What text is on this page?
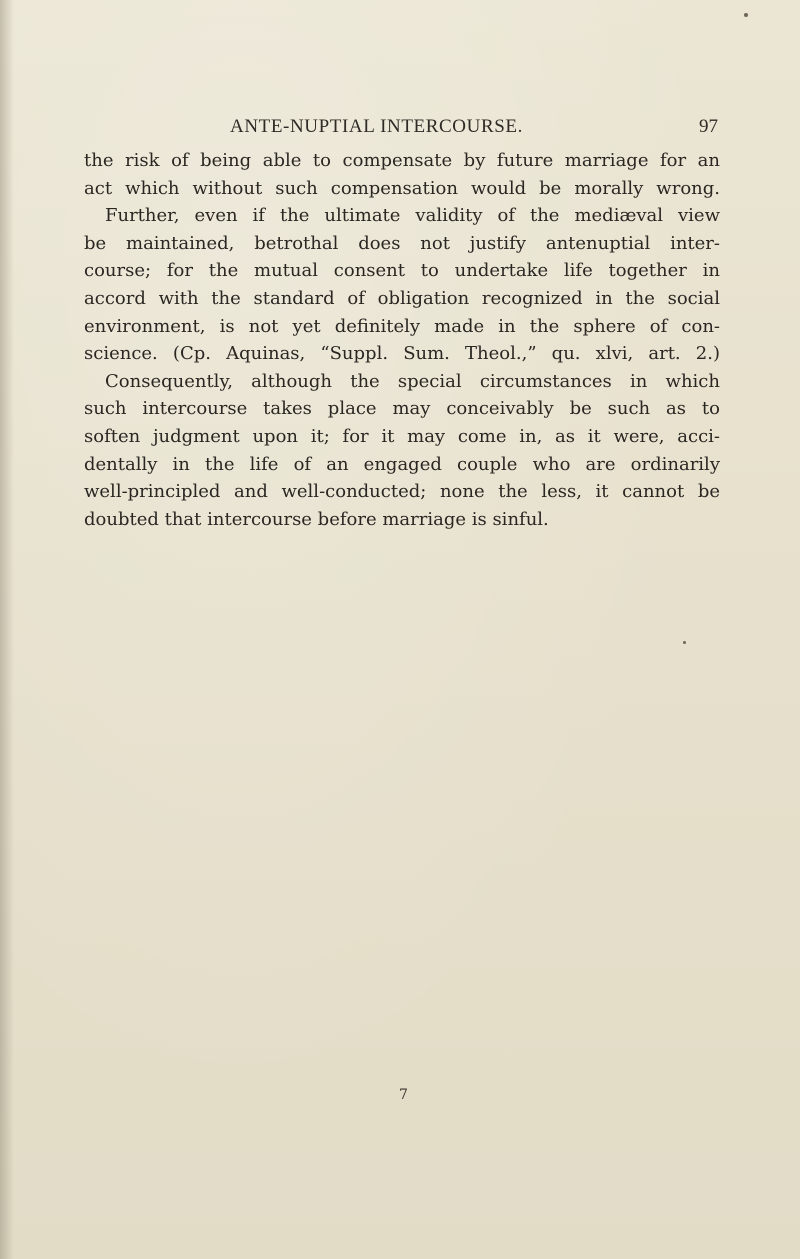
ANTE-NUPTIAL INTERCOURSE.	97
the risk of being able to compensate by future marriage for an
act which without such compensation would be morally wrong.
Further, even if the ultimate validity of the mediæval view
be maintained, betrothal does not justify antenuptial inter-
course; for the mutual consent to undertake life together in
accord with the standard of obligation recognized in the social
environment, is not yet definitely made in the sphere of con-
science. (Cp. Aquinas, “Suppl. Sum. Theol.,” qu. xlvi, art. 2.)
Consequently, although the special circumstances in which
such intercourse takes place may conceivably be such as to
soften judgment upon it; for it may come in, as it were, acci-
dentally in the life of an engaged couple who are ordinarily
well-principled and well-conducted; none the less, it cannot be
doubted that intercourse before marriage is sinful.
7
